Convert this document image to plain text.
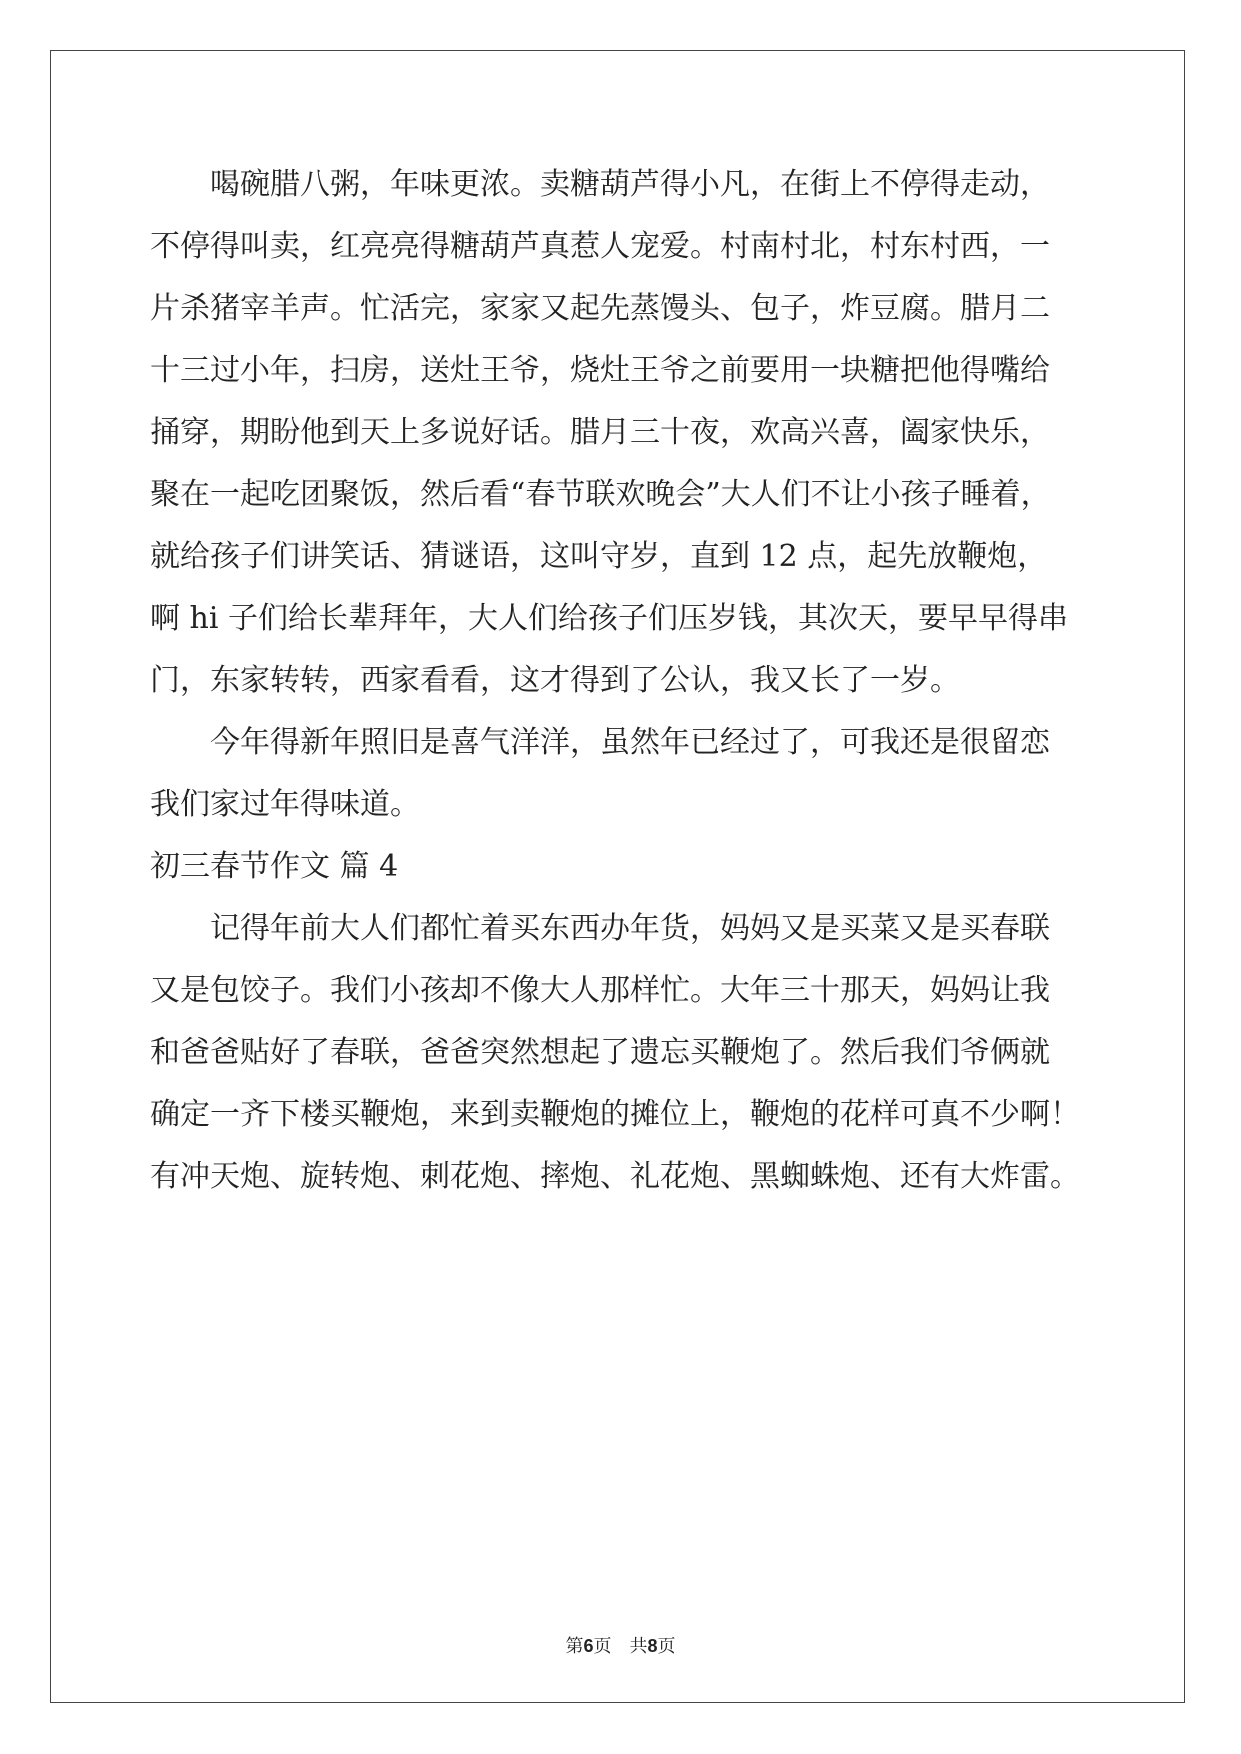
　　喝碗腊八粥，年味更浓。卖糖葫芦得小凡，在街上不停得走动，
不停得叫卖，红亮亮得糖葫芦真惹人宠爱。村南村北，村东村西，一
片杀猪宰羊声。忙活完，家家又起先蒸馒头、包子，炸豆腐。腊月二
十三过小年，扫房，送灶王爷，烧灶王爷之前要用一块糖把他得嘴给
捅穿，期盼他到天上多说好话。腊月三十夜，欢高兴喜，阖家快乐，
聚在一起吃团聚饭，然后看“春节联欢晚会”大人们不让小孩子睡着，
就给孩子们讲笑话、猜谜语，这叫守岁，直到 12 点，起先放鞭炮，
啊 hi 子们给长辈拜年，大人们给孩子们压岁钱，其次天，要早早得串
门，东家转转，西家看看，这才得到了公认，我又长了一岁。
　　今年得新年照旧是喜气洋洋，虽然年已经过了，可我还是很留恋
我们家过年得味道。
初三春节作文 篇 4
　　记得年前大人们都忙着买东西办年货，妈妈又是买菜又是买春联
又是包饺子。我们小孩却不像大人那样忙。大年三十那天，妈妈让我
和爸爸贴好了春联，爸爸突然想起了遗忘买鞭炮了。然后我们爷俩就
确定一齐下楼买鞭炮，来到卖鞭炮的摊位上，鞭炮的花样可真不少啊！
有冲天炮、旋转炮、刺花炮、摔炮、礼花炮、黑蜘蛛炮、还有大炸雷。
第6页 共8页
